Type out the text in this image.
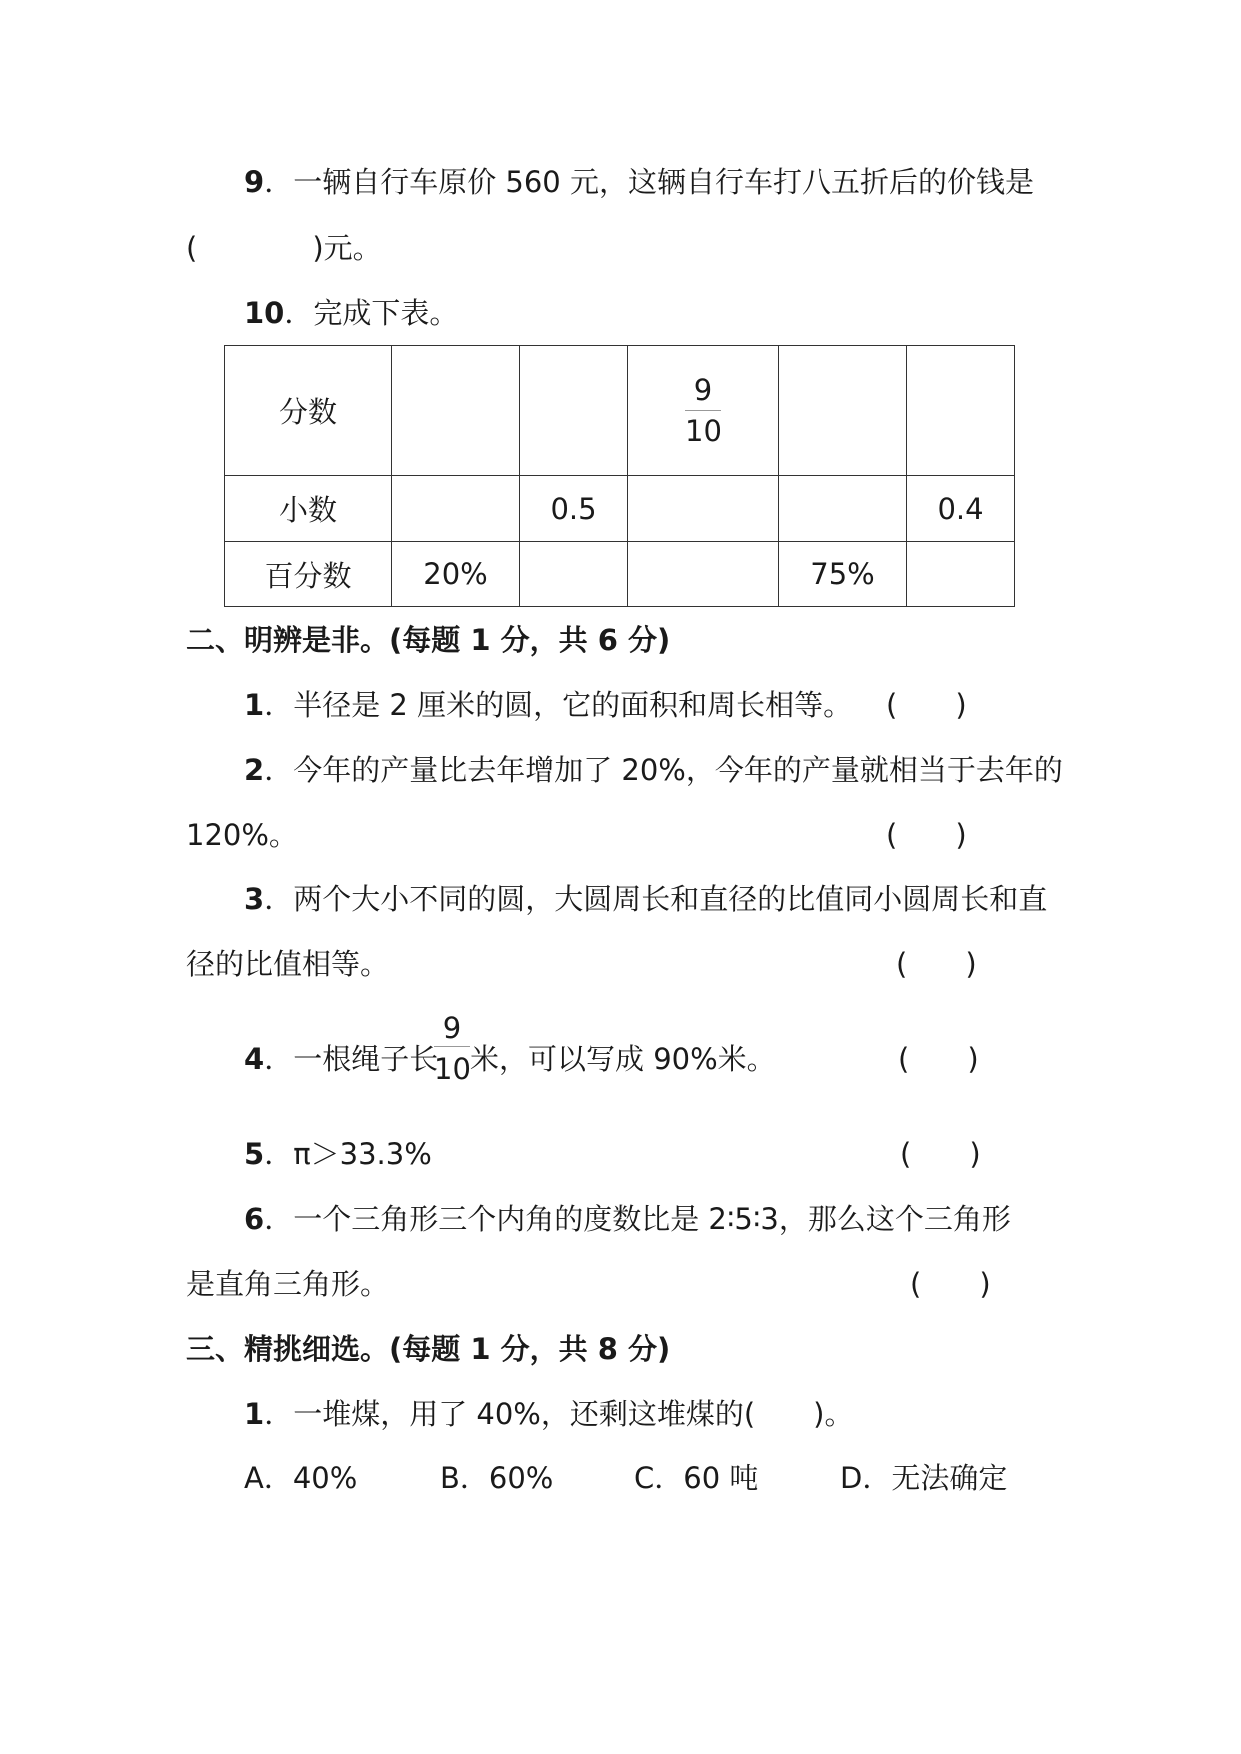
9．一辆自行车原价 560 元，这辆自行车打八五折后的价钱是
(	)元。
10．完成下表。
分数			$\frac{9}{10}$

小数		0.5			0.4
百分数	20%			75%	
二、明辨是非。(每题 1 分，共 6 分)
1．半径是 2 厘米的圆，它的面积和周长相等。 (　　)
2．今年的产量比去年增加了 20%，今年的产量就相当于去年的
120%。	(　　)
3．两个大小不同的圆，大圆周长和直径的比值同小圆周长和直
径的比值相等。	(　　)
4．一根绳子长
9
10 米，可以写成 90%米。	(　　)
5．π＞33.3%	(　　)
6．一个三角形三个内角的度数比是 2∶5∶3，那么这个三角形
是直角三角形。	(　　)
三、精挑细选。(每题 1 分，共 8 分)
1．一堆煤，用了 40%，还剩这堆煤的(　　)。
A．40%	B．60%	C．60 吨	D．无法确定
